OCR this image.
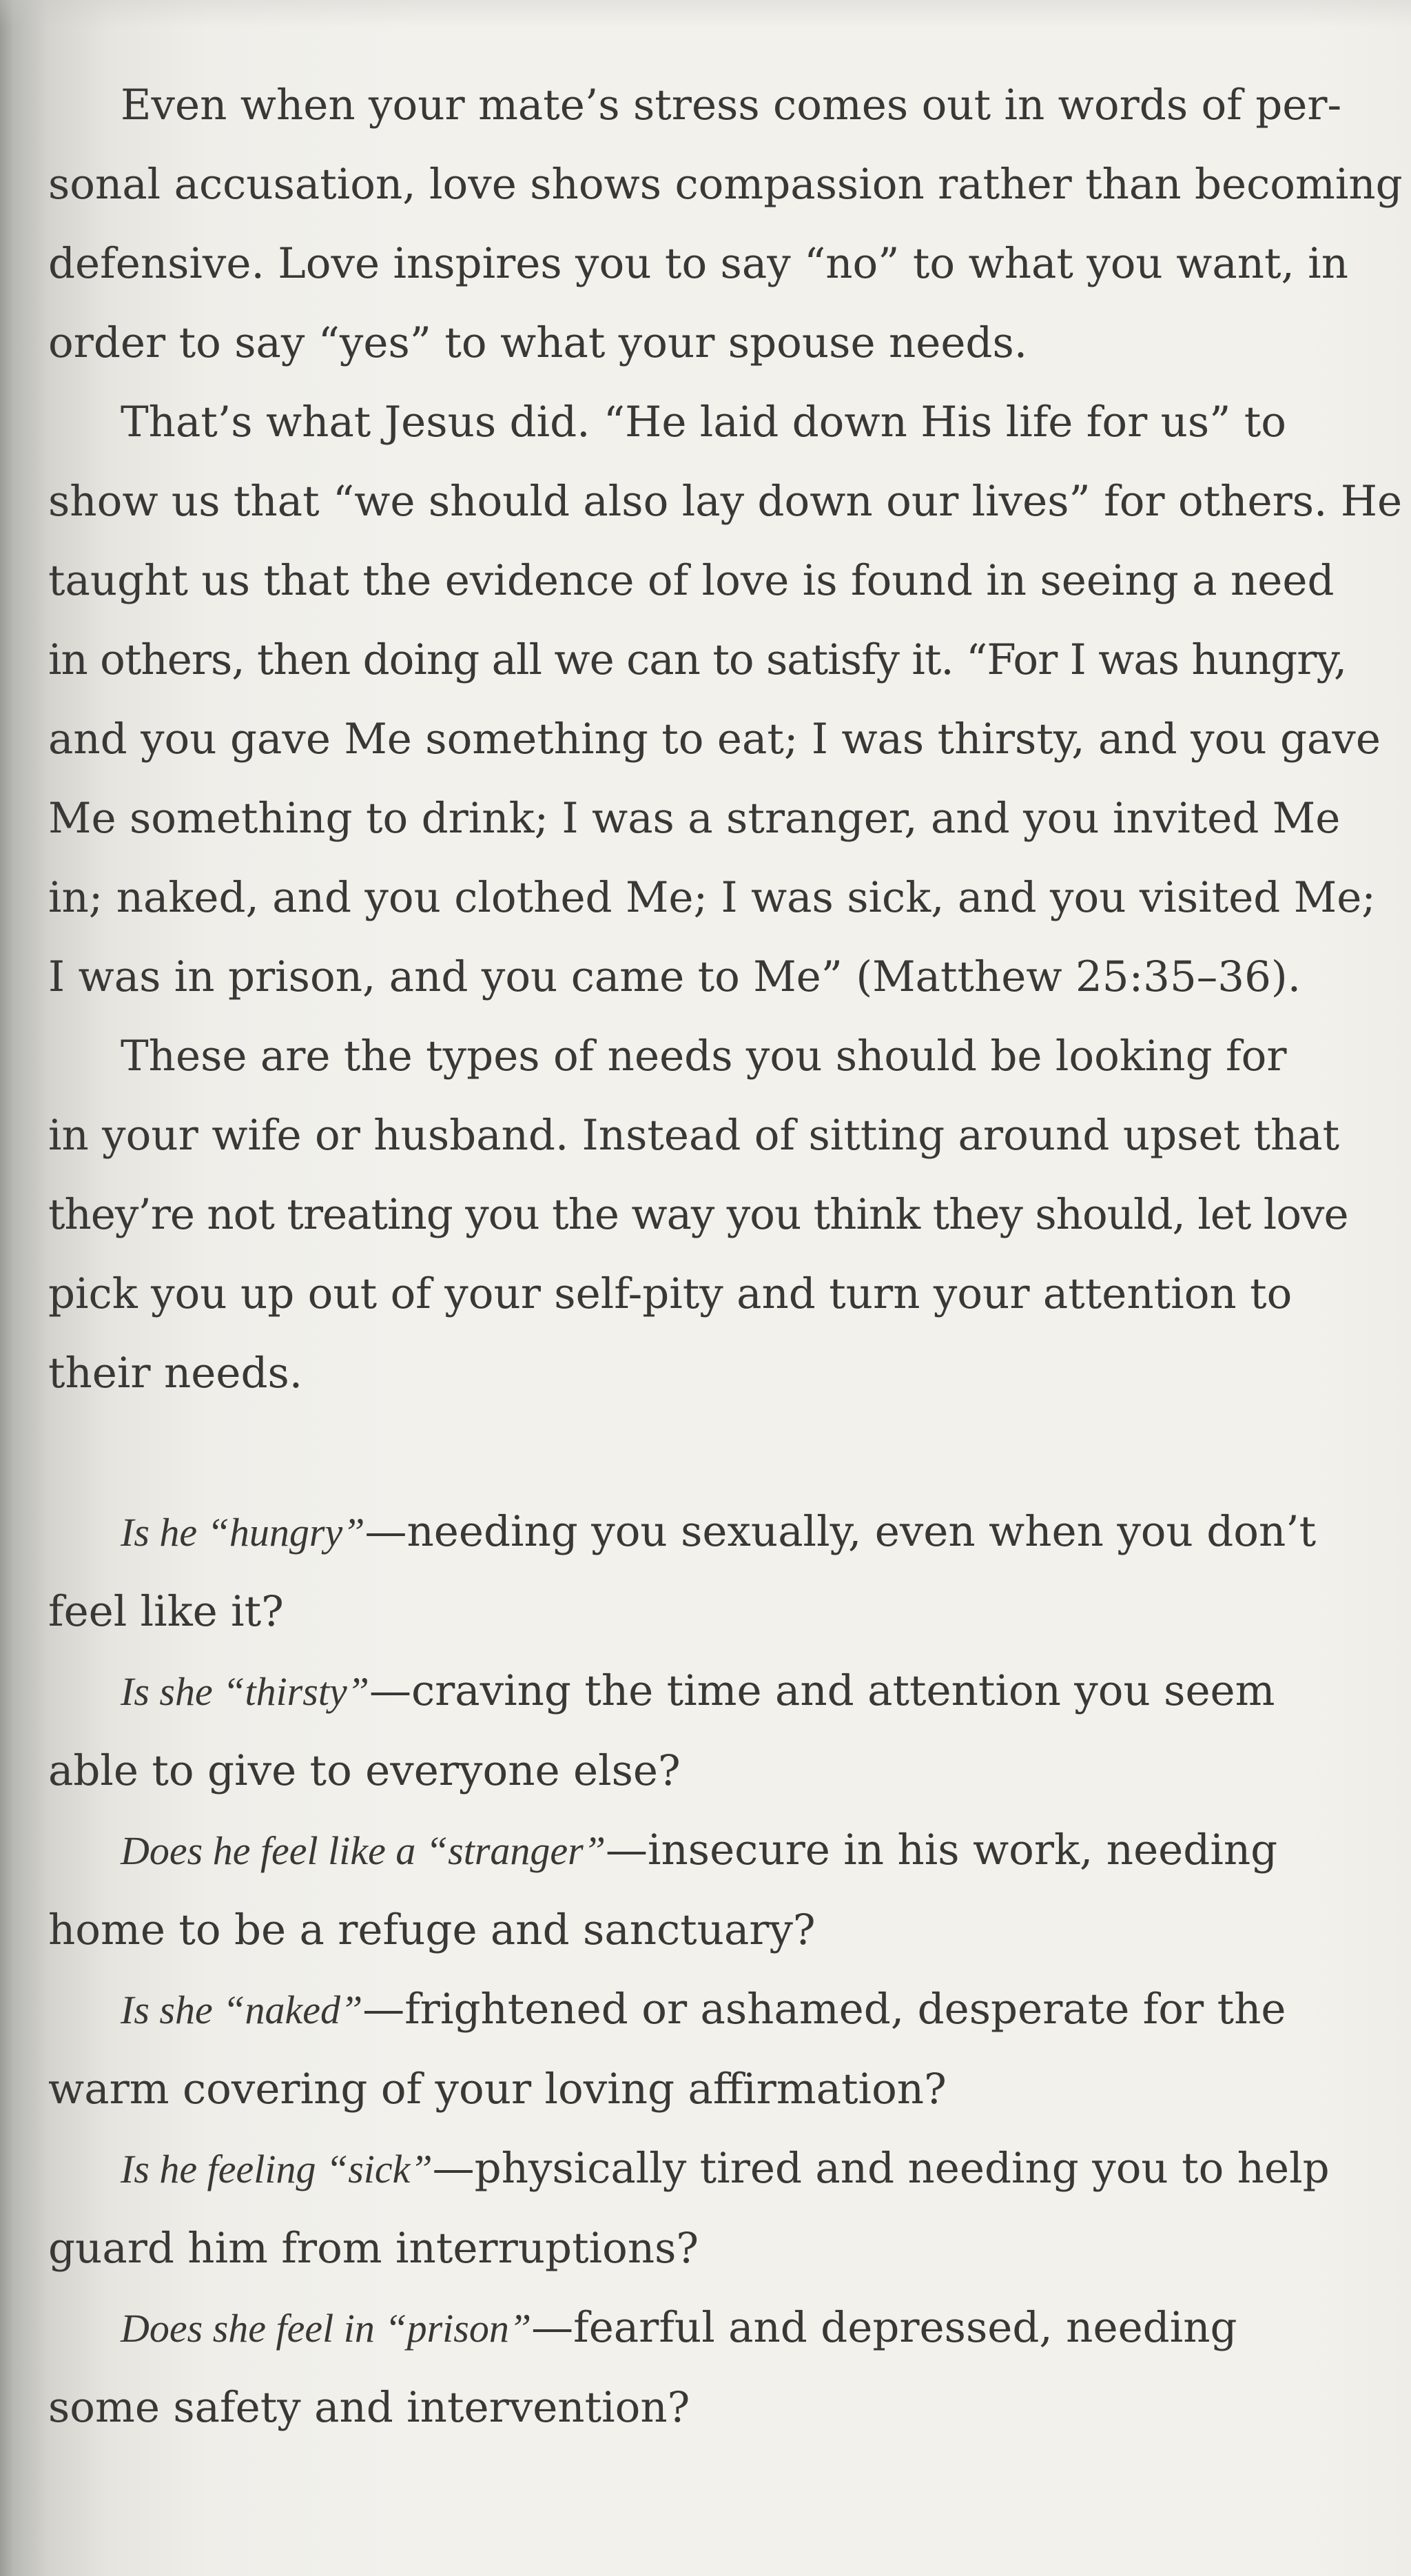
Even when your mate’s stress comes out in words of per-
sonal accusation, love shows compassion rather than becoming
defensive. Love inspires you to say “no” to what you want, in
order to say “yes” to what your spouse needs.
That’s what Jesus did. “He laid down His life for us” to
show us that “we should also lay down our lives” for others. He
taught us that the evidence of love is found in seeing a need
in others, then doing all we can to satisfy it. “For I was hungry,
and you gave Me something to eat; I was thirsty, and you gave
Me something to drink; I was a stranger, and you invited Me
in; naked, and you clothed Me; I was sick, and you visited Me;
I was in prison, and you came to Me” (Matthew 25:35–36).
These are the types of needs you should be looking for
in your wife or husband. Instead of sitting around upset that
they’re not treating you the way you think they should, let love
pick you up out of your self-pity and turn your attention to
their needs.
Is he “hungry”—needing you sexually, even when you don’t
feel like it?
Is she “thirsty”—craving the time and attention you seem
able to give to everyone else?
Does he feel like a “stranger”—insecure in his work, needing
home to be a refuge and sanctuary?
Is she “naked”—frightened or ashamed, desperate for the
warm covering of your loving affirmation?
Is he feeling “sick”—physically tired and needing you to help
guard him from interruptions?
Does she feel in “prison”—fearful and depressed, needing
some safety and intervention?
